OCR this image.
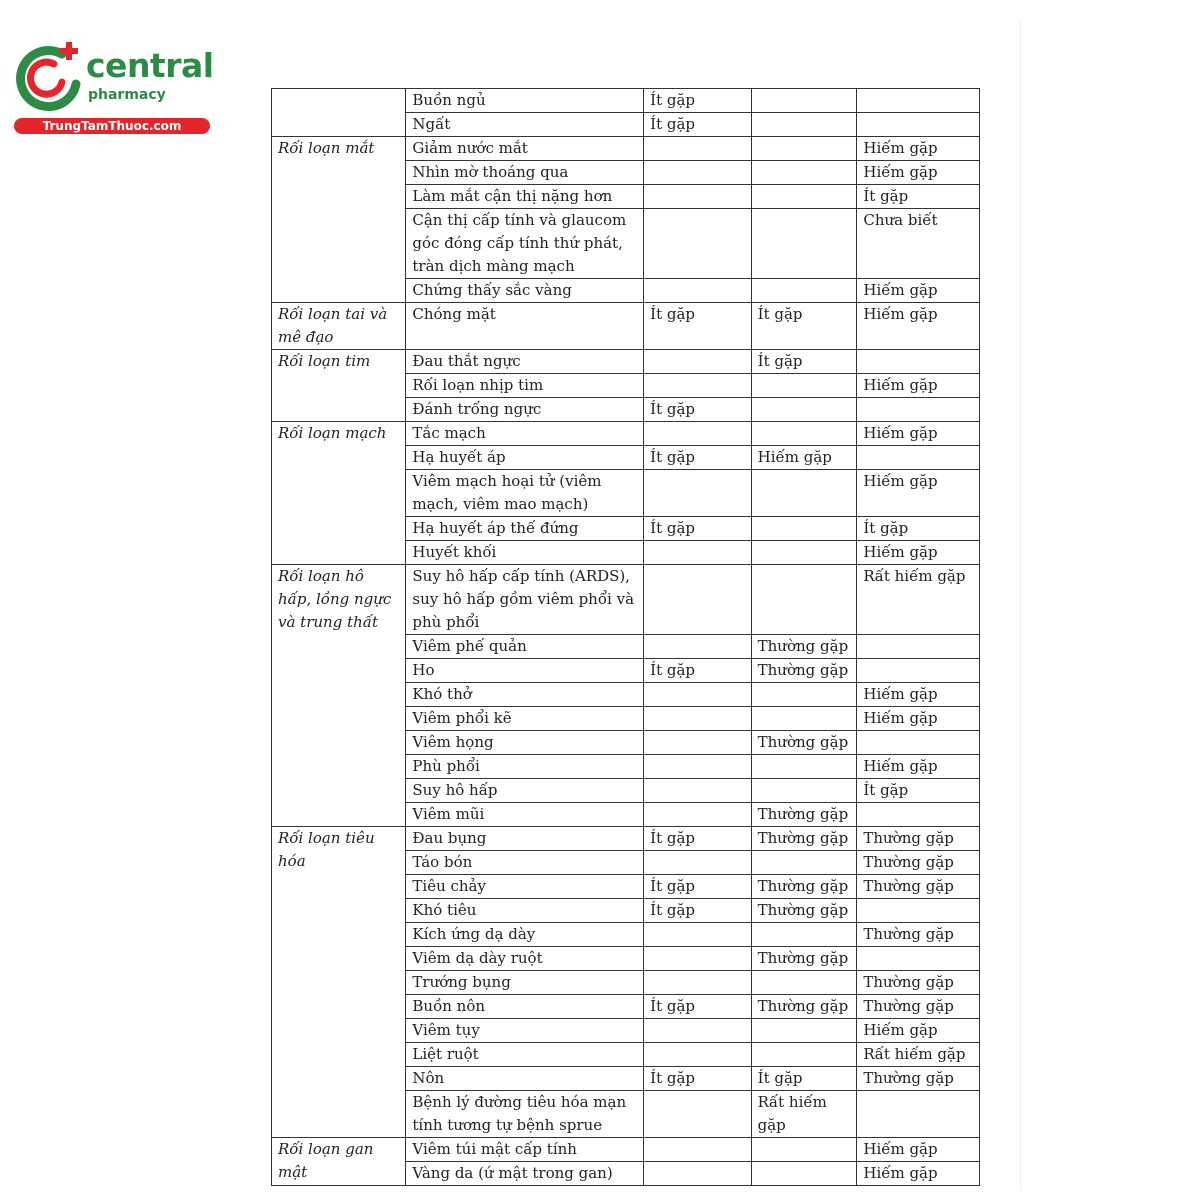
central
pharmacy
TrungTamThuoc.com
	Buồn ngủ	Ít gặp		
	Ngất	Ít gặp		
Rối loạn mắt	Giảm nước mắt			Hiếm gặp
	Nhìn mờ thoáng qua			Hiếm gặp
	Làm mắt cận thị nặng hơn			Ít gặp
	Cận thị cấp tính và glaucom góc đóng cấp tính thứ phát, tràn dịch màng mạch			Chưa biết
	Chứng thấy sắc vàng			Hiếm gặp
Rối loạn tai và mê đạo	Chóng mặt	Ít gặp	Ít gặp	Hiếm gặp
Rối loạn tim	Đau thắt ngực		Ít gặp	
	Rối loạn nhịp tim			Hiếm gặp
	Đánh trống ngực	Ít gặp		
Rối loạn mạch	Tắc mạch			Hiếm gặp
	Hạ huyết áp	Ít gặp	Hiếm gặp	
	Viêm mạch hoại tử (viêm mạch, viêm mao mạch)			Hiếm gặp
	Hạ huyết áp thế đứng	Ít gặp		Ít gặp
	Huyết khối			Hiếm gặp
Rối loạn hô hấp, lồng ngực và trung thất	Suy hô hấp cấp tính (ARDS), suy hô hấp gồm viêm phổi và phù phổi			Rất hiếm gặp
	Viêm phế quản		Thường gặp	
	Ho	Ít gặp	Thường gặp	
	Khó thở			Hiếm gặp
	Viêm phổi kẽ			Hiếm gặp
	Viêm họng		Thường gặp	
	Phù phổi			Hiếm gặp
	Suy hô hấp			Ít gặp
	Viêm mũi		Thường gặp	
Rối loạn tiêu hóa	Đau bụng	Ít gặp	Thường gặp	Thường gặp
	Táo bón			Thường gặp
	Tiêu chảy	Ít gặp	Thường gặp	Thường gặp
	Khó tiêu	Ít gặp	Thường gặp	
	Kích ứng dạ dày			Thường gặp
	Viêm dạ dày ruột		Thường gặp	
	Trướng bụng			Thường gặp
	Buồn nôn	Ít gặp	Thường gặp	Thường gặp
	Viêm tụy			Hiếm gặp
	Liệt ruột			Rất hiếm gặp
	Nôn	Ít gặp	Ít gặp	Thường gặp
	Bệnh lý đường tiêu hóa mạn tính tương tự bệnh sprue		Rất hiếm gặp	
Rối loạn gan mật	Viêm túi mật cấp tính			Hiếm gặp
	Vàng da (ứ mật trong gan)			Hiếm gặp
